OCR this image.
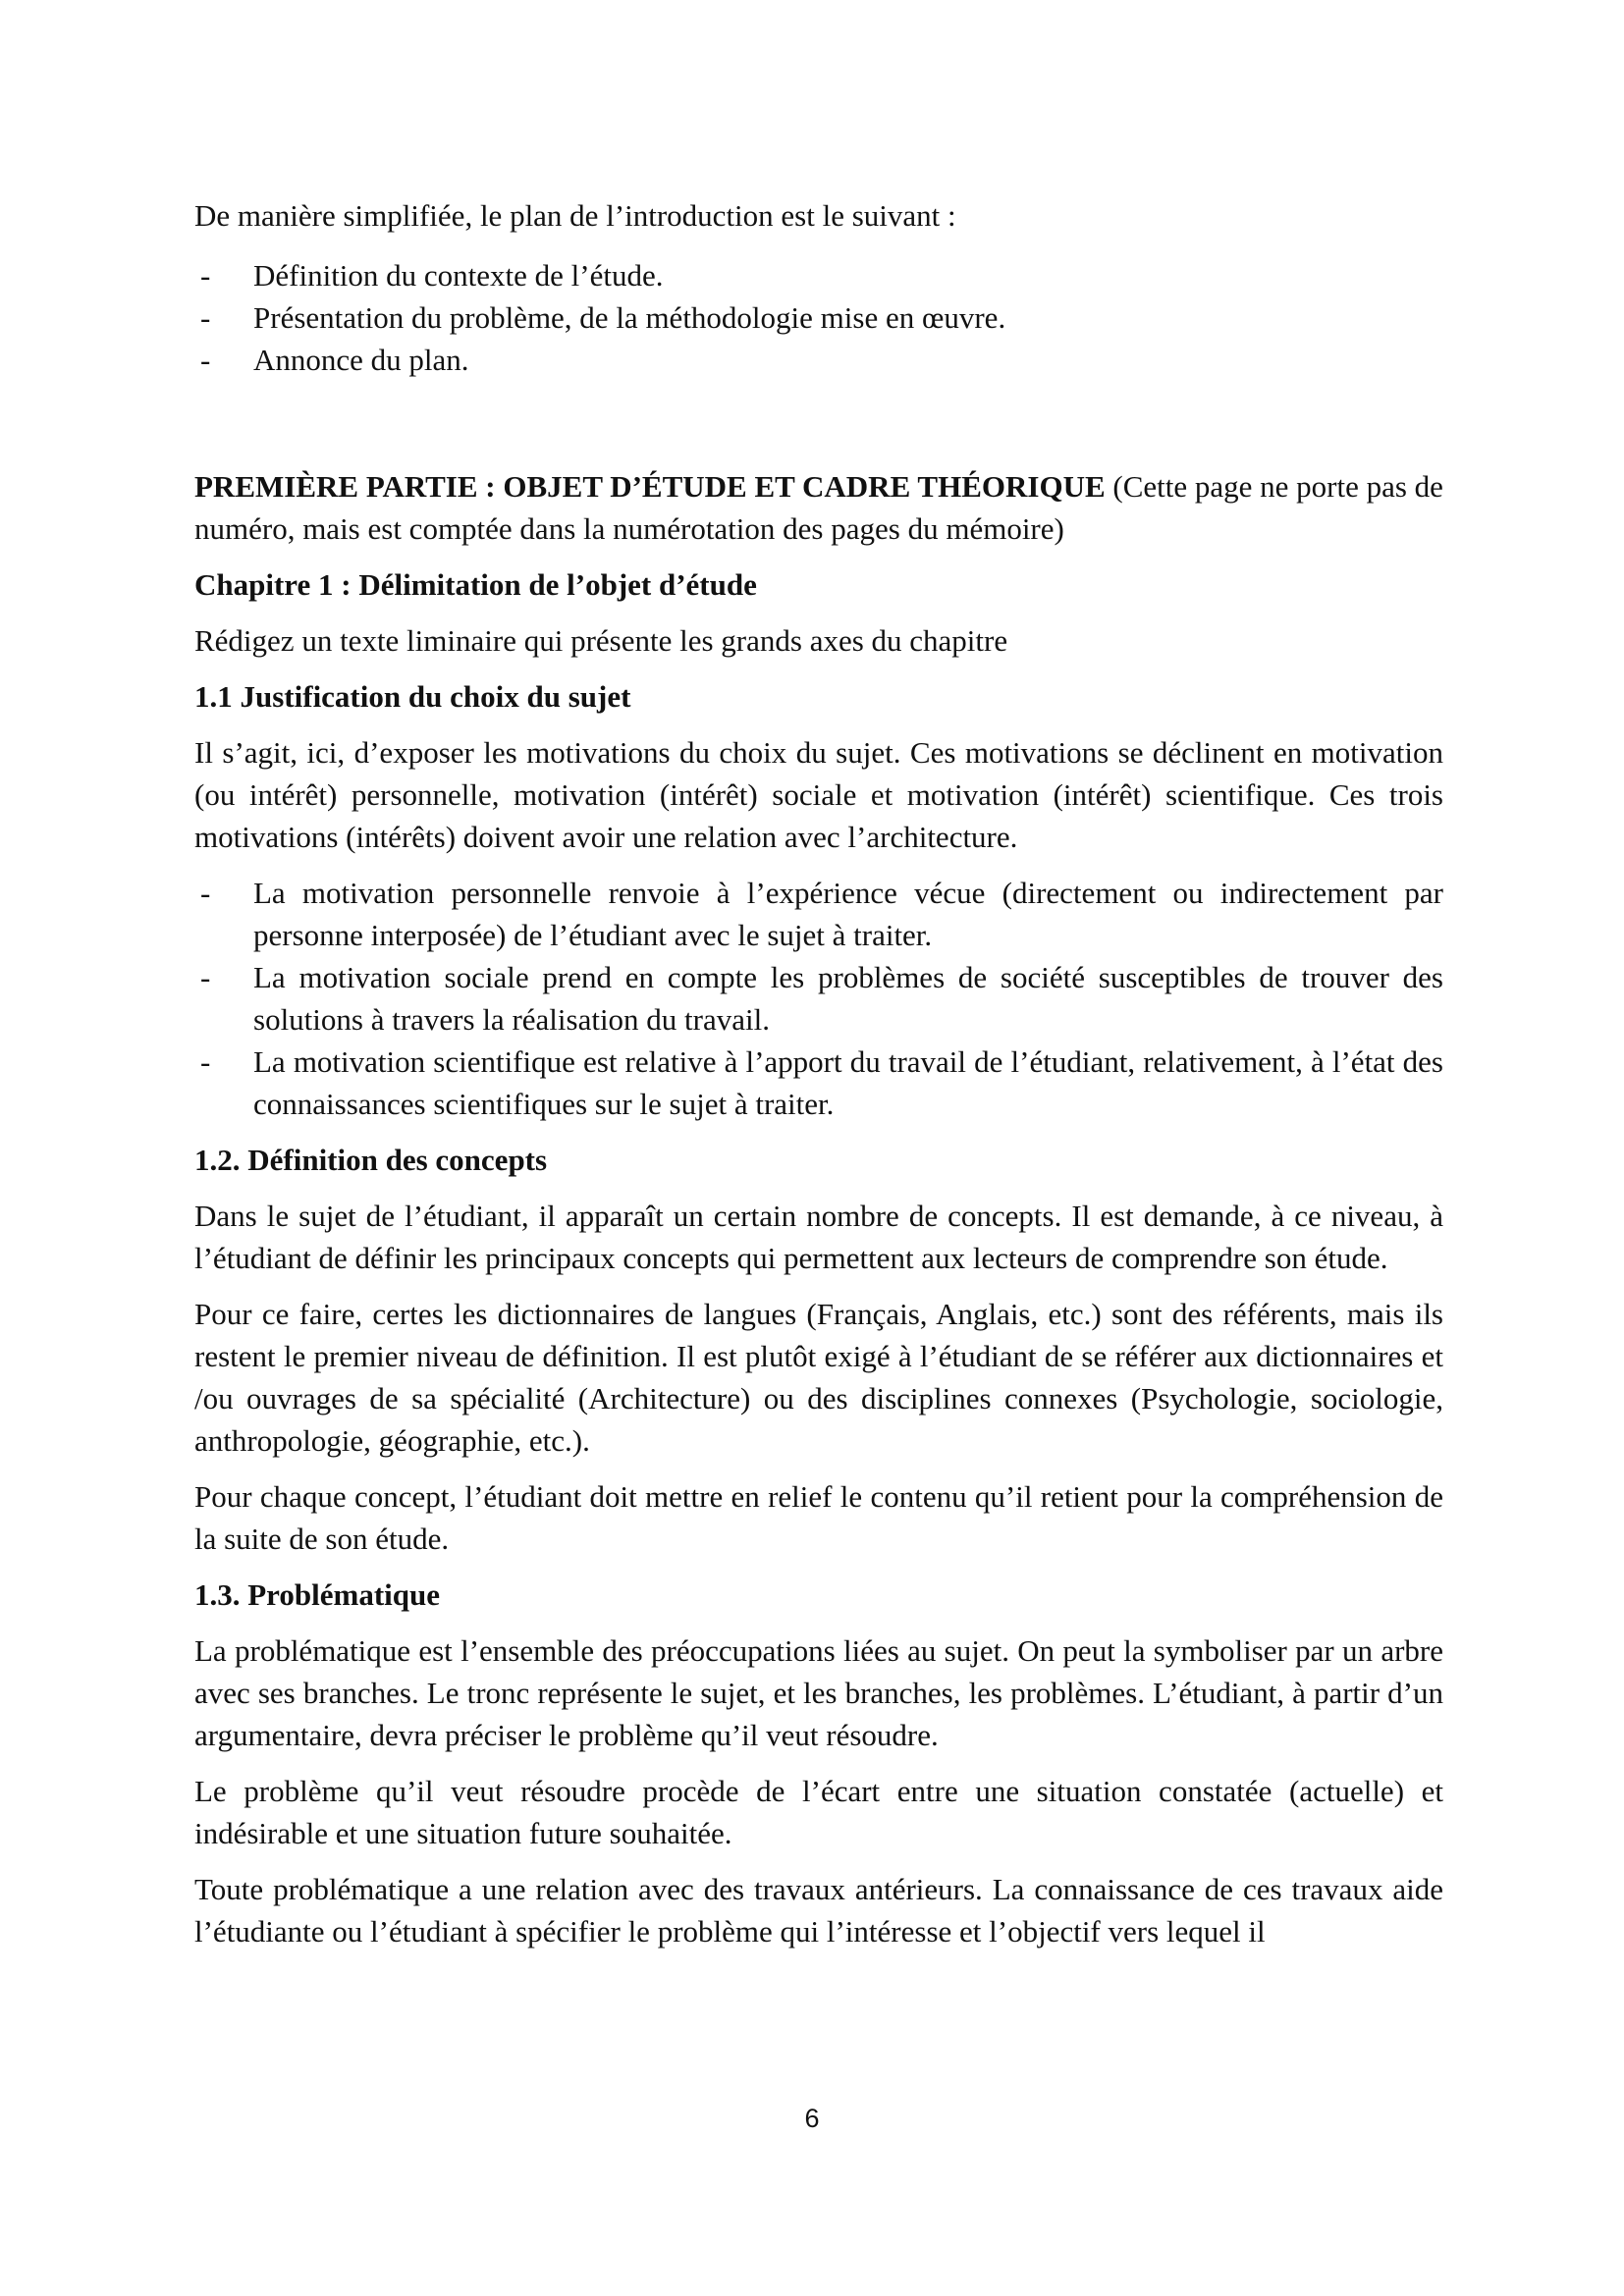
De manière simplifiée, le plan de l’introduction est le suivant :

- Définition du contexte de l’étude.
- Présentation du problème, de la méthodologie mise en œuvre.
- Annonce du plan.

PREMIÈRE PARTIE : OBJET D’ÉTUDE ET CADRE THÉORIQUE (Cette page ne porte pas de numéro, mais est comptée dans la numérotation des pages du mémoire)

Chapitre 1 : Délimitation de l’objet d’étude

Rédigez un texte liminaire qui présente les grands axes du chapitre

1.1 Justification du choix du sujet

Il s’agit, ici, d’exposer les motivations du choix du sujet. Ces motivations se déclinent en motivation (ou intérêt) personnelle, motivation (intérêt) sociale et motivation (intérêt) scientifique. Ces trois motivations (intérêts) doivent avoir une relation avec l’architecture.

- La motivation personnelle renvoie à l’expérience vécue (directement ou indirectement par personne interposée) de l’étudiant avec le sujet à traiter.
- La motivation sociale prend en compte les problèmes de société susceptibles de trouver des solutions à travers la réalisation du travail.
- La motivation scientifique est relative à l’apport du travail de l’étudiant, relativement, à l’état des connaissances scientifiques sur le sujet à traiter.

1.2. Définition des concepts

Dans le sujet de l’étudiant, il apparaît un certain nombre de concepts. Il est demande, à ce niveau, à l’étudiant de définir les principaux concepts qui permettent aux lecteurs de comprendre son étude.

Pour ce faire, certes les dictionnaires de langues (Français, Anglais, etc.) sont des référents, mais ils restent le premier niveau de définition. Il est plutôt exigé à l’étudiant de se référer aux dictionnaires et /ou ouvrages de sa spécialité (Architecture) ou des disciplines connexes (Psychologie, sociologie, anthropologie, géographie, etc.).

Pour chaque concept, l’étudiant doit mettre en relief le contenu qu’il retient pour la compréhension de la suite de son étude.

1.3. Problématique

La problématique est l’ensemble des préoccupations liées au sujet. On peut la symboliser par un arbre avec ses branches. Le tronc représente le sujet, et les branches, les problèmes. L’étudiant, à partir d’un argumentaire, devra préciser le problème qu’il veut résoudre.

Le problème qu’il veut résoudre procède de l’écart entre une situation constatée (actuelle) et indésirable et une situation future souhaitée.

Toute problématique a une relation avec des travaux antérieurs. La connaissance de ces travaux aide l’étudiante ou l’étudiant à spécifier le problème qui l’intéresse et l’objectif vers lequel il

6
